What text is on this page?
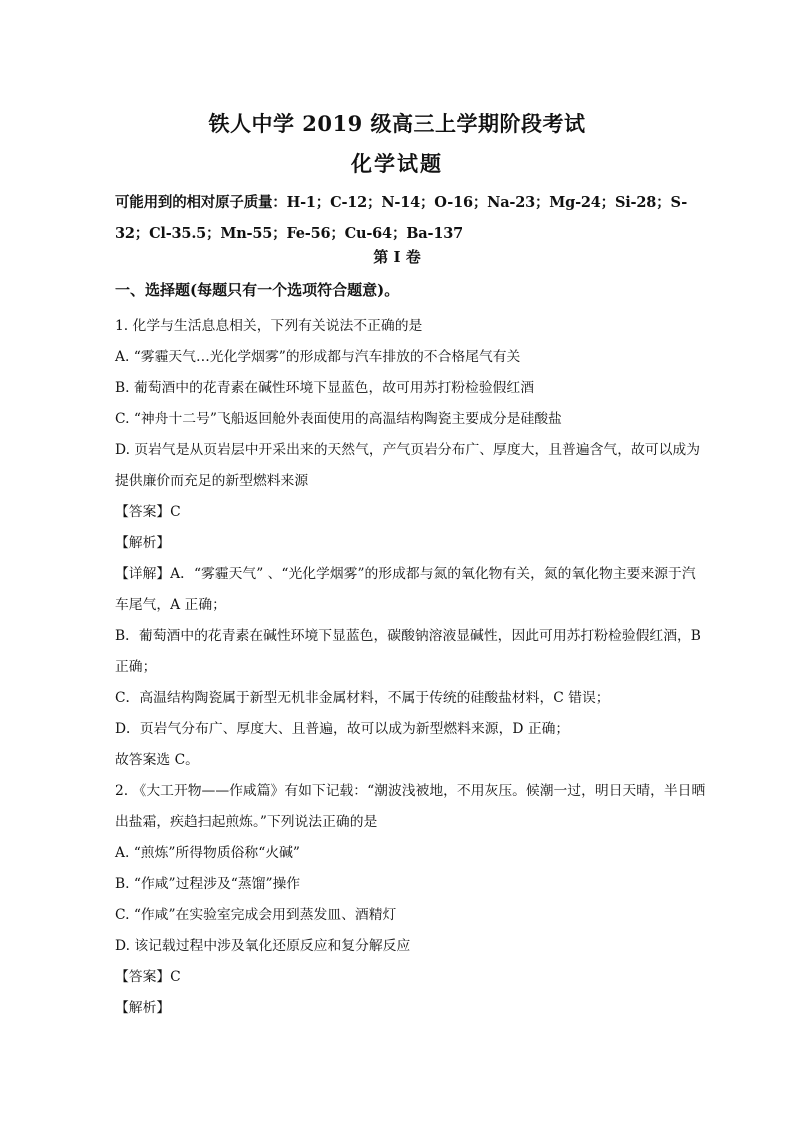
铁人中学 2019 级高三上学期阶段考试
化学试题
可能用到的相对原子质量：H-1；C-12；N-14；O-16；Na-23；Mg-24；Si-28；S-32；Cl-35.5；Mn-55；Fe-56；Cu-64；Ba-137
第 I 卷
一、选择题(每题只有一个选项符合题意)。
1. 化学与生活息息相关，下列有关说法不正确的是
A. “雾霾天气…光化学烟雾”的形成都与汽车排放的不合格尾气有关
B. 葡萄酒中的花青素在碱性环境下显蓝色，故可用苏打粉检验假红酒
C. “神舟十二号”飞船返回舱外表面使用的高温结构陶瓷主要成分是硅酸盐
D. 页岩气是从页岩层中开采出来的天然气，产气页岩分布广、厚度大，且普遍含气，故可以成为提供廉价而充足的新型燃料来源
【答案】C
【解析】
【详解】A．“雾霾天气” 、“光化学烟雾”的形成都与氮的氧化物有关，氮的氧化物主要来源于汽车尾气，A 正确；
B．葡萄酒中的花青素在碱性环境下显蓝色，碳酸钠溶液显碱性，因此可用苏打粉检验假红酒，B 正确；
C．高温结构陶瓷属于新型无机非金属材料，不属于传统的硅酸盐材料，C 错误；
D．页岩气分布广、厚度大、且普遍，故可以成为新型燃料来源，D 正确；
故答案选 C。
2. 《大工开物——作咸篇》有如下记载：“潮波浅被地，不用灰压。候潮一过，明日天晴，半日晒出盐霜，疾趋扫起煎炼。”下列说法正确的是
A. “煎炼”所得物质俗称“火碱”
B. “作咸”过程涉及“蒸馏”操作
C. “作咸”在实验室完成会用到蒸发皿、酒精灯
D. 该记载过程中涉及氧化还原反应和复分解反应
【答案】C
【解析】
